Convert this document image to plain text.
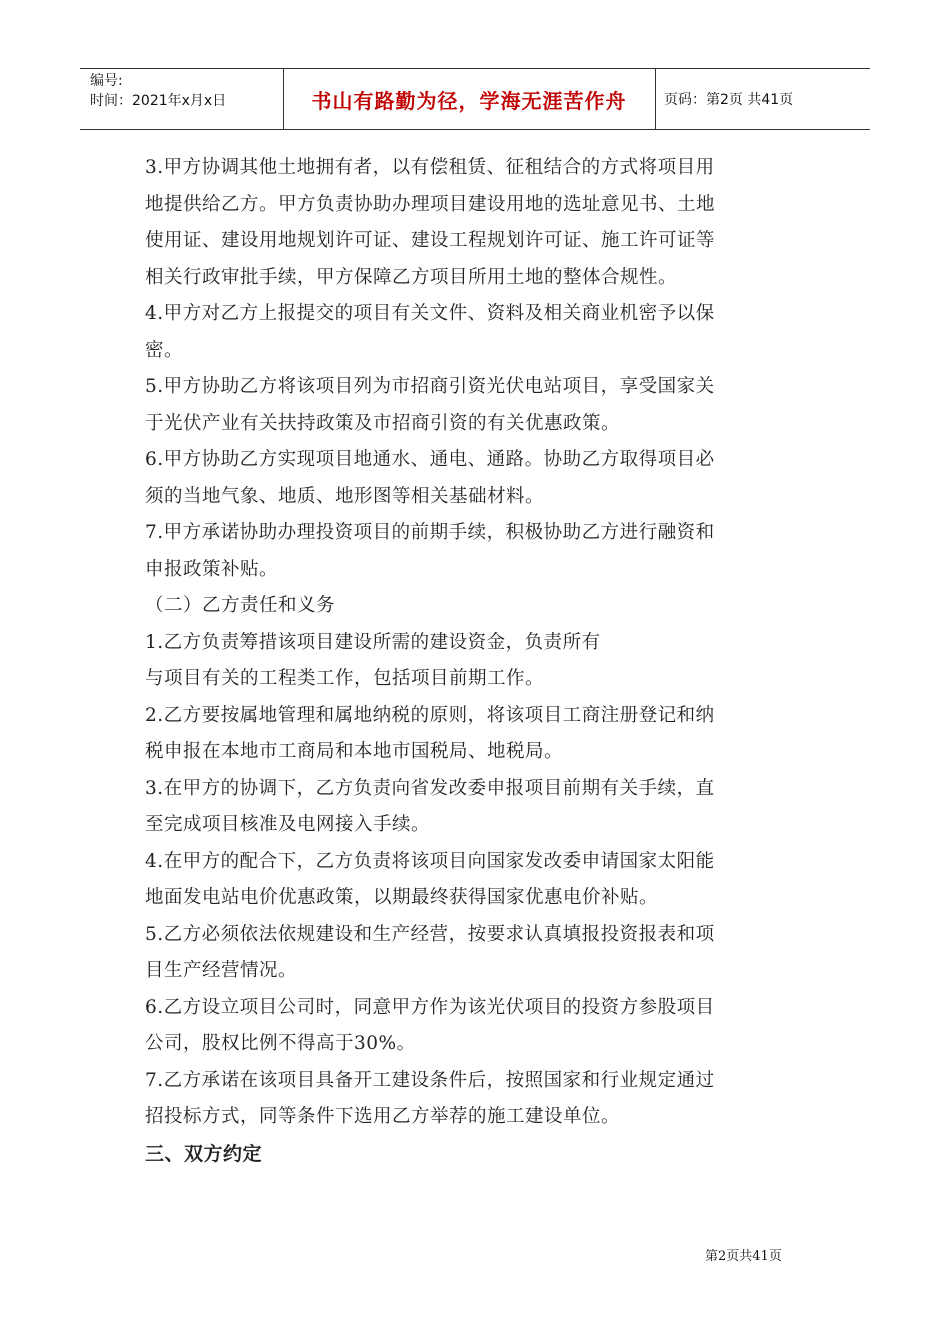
编号:
时间：2021年x月x日	书山有路勤为径，学海无涯苦作舟	页码：第2页 共41页
3.甲方协调其他土地拥有者，以有偿租赁、征租结合的方式将项目用
地提供给乙方。甲方负责协助办理项目建设用地的选址意见书、土地
使用证、建设用地规划许可证、建设工程规划许可证、施工许可证等
相关行政审批手续，甲方保障乙方项目所用土地的整体合规性。
4.甲方对乙方上报提交的项目有关文件、资料及相关商业机密予以保
密。
5.甲方协助乙方将该项目列为市招商引资光伏电站项目，享受国家关
于光伏产业有关扶持政策及市招商引资的有关优惠政策。
6.甲方协助乙方实现项目地通水、通电、通路。协助乙方取得项目必
须的当地气象、地质、地形图等相关基础材料。
7.甲方承诺协助办理投资项目的前期手续，积极协助乙方进行融资和
申报政策补贴。
（二）乙方责任和义务
1.乙方负责筹措该项目建设所需的建设资金，负责所有
与项目有关的工程类工作，包括项目前期工作。
2.乙方要按属地管理和属地纳税的原则，将该项目工商注册登记和纳
税申报在本地市工商局和本地市国税局、地税局。
3.在甲方的协调下，乙方负责向省发改委申报项目前期有关手续，直
至完成项目核准及电网接入手续。
4.在甲方的配合下，乙方负责将该项目向国家发改委申请国家太阳能
地面发电站电价优惠政策，以期最终获得国家优惠电价补贴。
5.乙方必须依法依规建设和生产经营，按要求认真填报投资报表和项
目生产经营情况。
6.乙方设立项目公司时，同意甲方作为该光伏项目的投资方参股项目
公司，股权比例不得高于30%。
7.乙方承诺在该项目具备开工建设条件后，按照国家和行业规定通过
招投标方式，同等条件下选用乙方举荐的施工建设单位。
三、双方约定
第2页共41页
